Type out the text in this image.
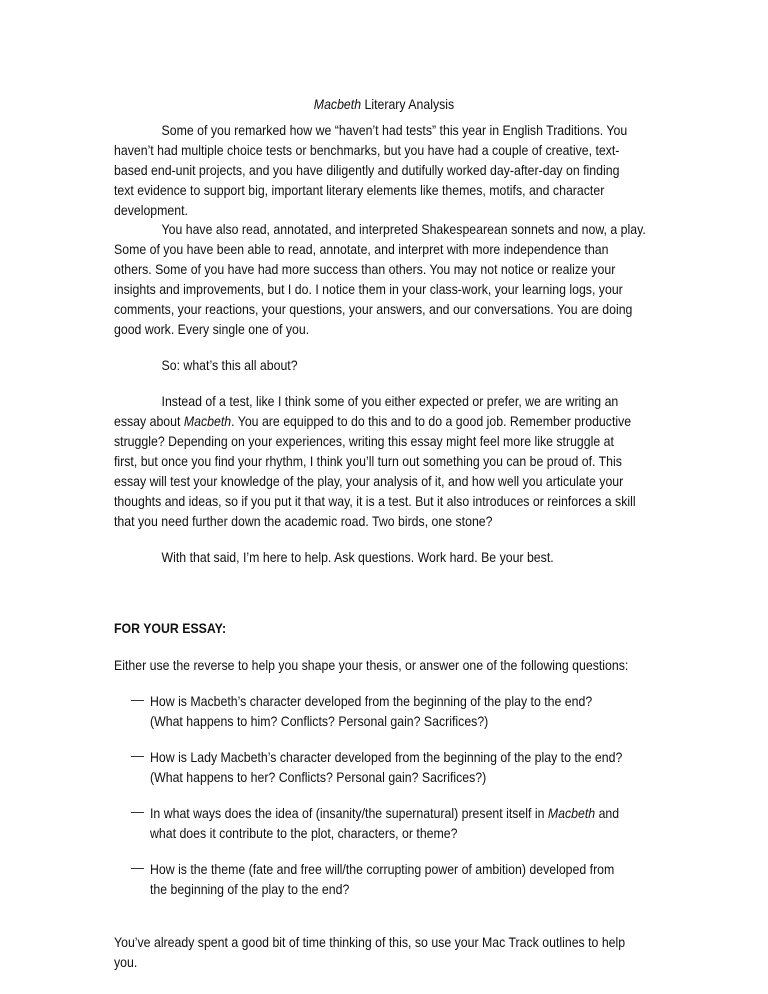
Macbeth Literary Analysis
Some of you remarked how we “haven’t had tests” this year in English Traditions. You
haven’t had multiple choice tests or benchmarks, but you have had a couple of creative, text-
based end-unit projects, and you have diligently and dutifully worked day-after-day on finding
text evidence to support big, important literary elements like themes, motifs, and character
development.
You have also read, annotated, and interpreted Shakespearean sonnets and now, a play.
Some of you have been able to read, annotate, and interpret with more independence than
others. Some of you have had more success than others. You may not notice or realize your
insights and improvements, but I do. I notice them in your class-work, your learning logs, your
comments, your reactions, your questions, your answers, and our conversations. You are doing
good work. Every single one of you.
So: what’s this all about?
Instead of a test, like I think some of you either expected or prefer, we are writing an
essay about Macbeth. You are equipped to do this and to do a good job. Remember productive
struggle? Depending on your experiences, writing this essay might feel more like struggle at
first, but once you find your rhythm, I think you’ll turn out something you can be proud of. This
essay will test your knowledge of the play, your analysis of it, and how well you articulate your
thoughts and ideas, so if you put it that way, it is a test. But it also introduces or reinforces a skill
that you need further down the academic road. Two birds, one stone?
With that said, I’m here to help. Ask questions. Work hard. Be your best.
FOR YOUR ESSAY:
Either use the reverse to help you shape your thesis, or answer one of the following questions:
How is Macbeth’s character developed from the beginning of the play to the end?
(What happens to him? Conflicts? Personal gain? Sacrifices?)
How is Lady Macbeth’s character developed from the beginning of the play to the end?
(What happens to her? Conflicts? Personal gain? Sacrifices?)
In what ways does the idea of (insanity/the supernatural) present itself in Macbeth and
what does it contribute to the plot, characters, or theme?
How is the theme (fate and free will/the corrupting power of ambition) developed from
the beginning of the play to the end?
You’ve already spent a good bit of time thinking of this, so use your Mac Track outlines to help
you.
